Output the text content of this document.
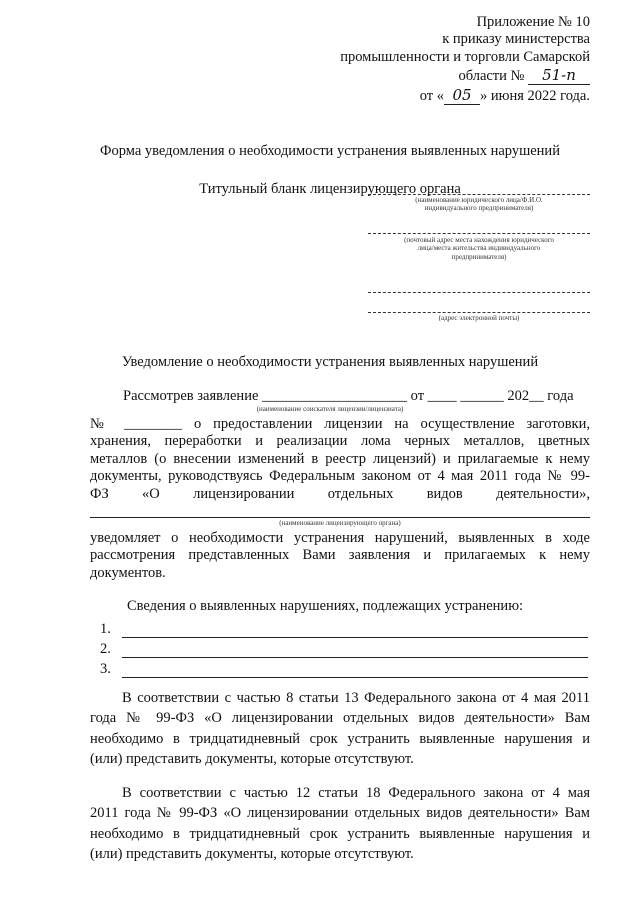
Приложение № 10
к приказу министерства
промышленности и торговли Самарской
области № 51-п
от « 05 » июня 2022 года.
Форма уведомления о необходимости устранения выявленных нарушений
Титульный бланк лицензирующего органа
(наименование юридического лица/Ф.И.О.
индивидуального предпринимателя)
(почтовый адрес места нахождения юридического
лица/места жительства индивидуального
предпринимателя)
(адрес электронной почты)
Уведомление о необходимости устранения выявленных нарушений
Рассмотрев заявление ____________________ от ____ ______ 202__ года
(наименование соискателя лицензии/лицензиата)
№ ________ о предоставлении лицензии на осуществление заготовки,
хранения, переработки и реализации лома черных металлов, цветных
металлов (о внесении изменений в реестр лицензий) и прилагаемые к нему
документы, руководствуясь Федеральным законом от 4 мая 2011 года № 99-
ФЗ «О лицензировании отдельных видов деятельности»,
(наименование лицензирующего органа)
уведомляет о необходимости устранения нарушений, выявленных в ходе
рассмотрения представленных Вами заявления и прилагаемых к нему
документов.
Сведения о выявленных нарушениях, подлежащих устранению:
1.
2.
3.
В соответствии с частью 8 статьи 13 Федерального закона от 4 мая 2011
года № 99-ФЗ «О лицензировании отдельных видов деятельности» Вам
необходимо в тридцатидневный срок устранить выявленные нарушения и
(или) представить документы, которые отсутствуют.
В соответствии с частью 12 статьи 18 Федерального закона от 4 мая
2011 года № 99-ФЗ «О лицензировании отдельных видов деятельности» Вам
необходимо в тридцатидневный срок устранить выявленные нарушения и
(или) представить документы, которые отсутствуют.
